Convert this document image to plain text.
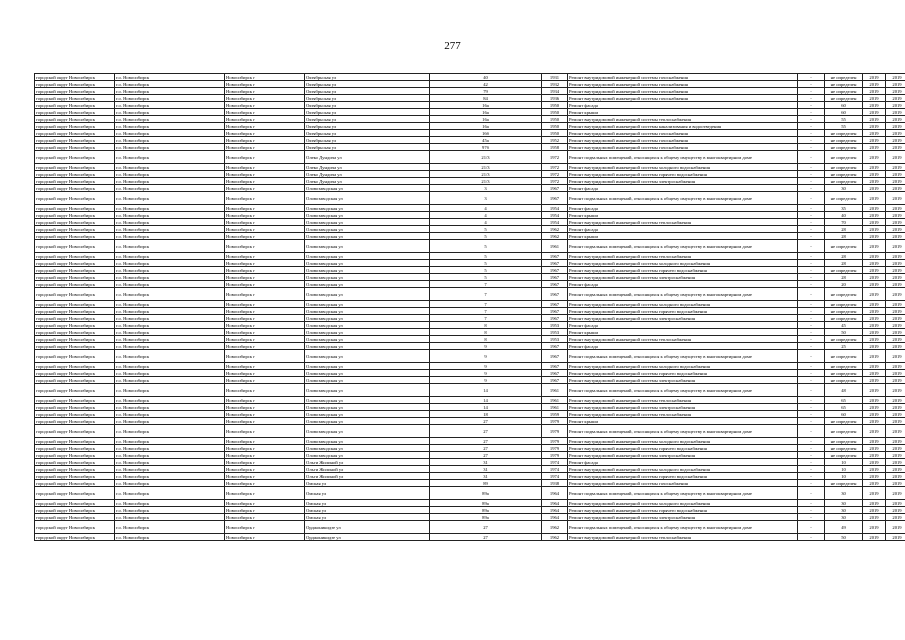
277
городской округ Новосибирск	г.о. Новосибирск	Новосибирск г	Октябрьская ул	40	1931	Ремонт внутридомовой инженерной системы газоснабжения	-	не определен	2019	2019
городской округ Новосибирск	г.о. Новосибирск	Новосибирск г	Октябрьская ул	42	1932	Ремонт внутридомовой инженерной системы газоснабжения	-	не определен	2019	2019
городской округ Новосибирск	г.о. Новосибирск	Новосибирск г	Октябрьская ул	79	1934	Ремонт внутридомовой инженерной системы газоснабжения	-	не определен	2019	2019
городской округ Новосибирск	г.о. Новосибирск	Новосибирск г	Октябрьская ул	84	1936	Ремонт внутридомовой инженерной системы газоснабжения	-	не определен	2019	2019
городской округ Новосибирск	г.о. Новосибирск	Новосибирск г	Октябрьская ул	16а	1950	Ремонт фасада	-	60	2019	2019
городской округ Новосибирск	г.о. Новосибирск	Новосибирск г	Октябрьская ул	16а	1950	Ремонт крыши	-	60	2019	2019
городской округ Новосибирск	г.о. Новосибирск	Новосибирск г	Октябрьская ул	16а	1950	Ремонт внутридомовой инженерной системы теплоснабжения	-	55	2019	2019
городской округ Новосибирск	г.о. Новосибирск	Новосибирск г	Октябрьская ул	16а	1950	Ремонт внутридомовой инженерной системы канализования и водоотведения	-	55	2019	2019
городской округ Новосибирск	г.о. Новосибирск	Новосибирск г	Октябрьская ул	16б	1950	Ремонт внутридомовой инженерной системы газоснабжения	-	не определен	2019	2019
городской округ Новосибирск	г.о. Новосибирск	Новосибирск г	Октябрьская ул	45а	1952	Ремонт внутридомовой инженерной системы газоснабжения	-	не определен	2019	2019
городской округ Новосибирск	г.о. Новосибирск	Новосибирск г	Октябрьская ул	97б	1958	Ремонт внутридомовой инженерной системы газоснабжения	-	не определен	2019	2019
городской округ Новосибирск	г.о. Новосибирск	Новосибирск г	Олеко Дундича ул	21/3	1972	Ремонт подвальных помещений, относящихся к общему имуществу в многоквартирном доме	-	не определен	2019	2019
городской округ Новосибирск	г.о. Новосибирск	Новосибирск г	Олеко Дундича ул	21/3	1972	Ремонт внутридомовой инженерной системы холодного водоснабжения	-	не определен	2019	2019
городской округ Новосибирск	г.о. Новосибирск	Новосибирск г	Олеко Дундича ул	21/3	1972	Ремонт внутридомовой инженерной системы горячего водоснабжения	-	не определен	2019	2019
городской округ Новосибирск	г.о. Новосибирск	Новосибирск г	Олеко Дундича ул	21/3	1972	Ремонт внутридомовой инженерной системы электроснабжения	-	не определен	2019	2019
городской округ Новосибирск	г.о. Новосибирск	Новосибирск г	Оловозаводская ул	3	1967	Ремонт фасада	-	30	2019	2019
городской округ Новосибирск	г.о. Новосибирск	Новосибирск г	Оловозаводская ул	3	1967	Ремонт подвальных помещений, относящихся к общему имуществу в многоквартирном доме	-	не определен	2019	2019
городской округ Новосибирск	г.о. Новосибирск	Новосибирск г	Оловозаводская ул	4	1954	Ремонт фасада	-	35	2019	2019
городской округ Новосибирск	г.о. Новосибирск	Новосибирск г	Оловозаводская ул	4	1954	Ремонт крыши	-	40	2019	2019
городской округ Новосибирск	г.о. Новосибирск	Новосибирск г	Оловозаводская ул	4	1954	Ремонт внутридомовой инженерной системы теплоснабжения	-	70	2019	2019
городской округ Новосибирск	г.о. Новосибирск	Новосибирск г	Оловозаводская ул	5	1962	Ремонт фасада	-	28	2019	2019
городской округ Новосибирск	г.о. Новосибирск	Новосибирск г	Оловозаводская ул	5	1962	Ремонт крыши	-	28	2019	2019
городской округ Новосибирск	г.о. Новосибирск	Новосибирск г	Оловозаводская ул	5	1961	Ремонт подвальных помещений, относящихся к общему имуществу в многоквартирном доме	-	не определен	2019	2019
городской округ Новосибирск	г.о. Новосибирск	Новосибирск г	Оловозаводская ул	5	1967	Ремонт внутридомовой инженерной системы теплоснабжения	-	28	2019	2019
городской округ Новосибирск	г.о. Новосибирск	Новосибирск г	Оловозаводская ул	5	1967	Ремонт внутридомовой инженерной системы холодного водоснабжения	-	28	2019	2019
городской округ Новосибирск	г.о. Новосибирск	Новосибирск г	Оловозаводская ул	5	1967	Ремонт внутридомовой инженерной системы горячего водоснабжения	-	не определен	2019	2019
городской округ Новосибирск	г.о. Новосибирск	Новосибирск г	Оловозаводская ул	5	1967	Ремонт внутридомовой инженерной системы электроснабжения	-	28	2019	2019
городской округ Новосибирск	г.о. Новосибирск	Новосибирск г	Оловозаводская ул	7	1967	Ремонт фасада	-	20	2019	2019
городской округ Новосибирск	г.о. Новосибирск	Новосибирск г	Оловозаводская ул	7	1967	Ремонт подвальных помещений, относящихся к общему имуществу в многоквартирном доме	-	не определен	2019	2019
городской округ Новосибирск	г.о. Новосибирск	Новосибирск г	Оловозаводская ул	7	1967	Ремонт внутридомовой инженерной системы холодного водоснабжения	-	не определен	2019	2019
городской округ Новосибирск	г.о. Новосибирск	Новосибирск г	Оловозаводская ул	7	1967	Ремонт внутридомовой инженерной системы горячего водоснабжения	-	не определен	2019	2019
городской округ Новосибирск	г.о. Новосибирск	Новосибирск г	Оловозаводская ул	7	1967	Ремонт внутридомовой инженерной системы электроснабжения	-	не определен	2019	2019
городской округ Новосибирск	г.о. Новосибирск	Новосибирск г	Оловозаводская ул	8	1953	Ремонт фасада	-	45	2019	2019
городской округ Новосибирск	г.о. Новосибирск	Новосибирск г	Оловозаводская ул	8	1953	Ремонт крыши	-	50	2019	2019
городской округ Новосибирск	г.о. Новосибирск	Новосибирск г	Оловозаводская ул	8	1953	Ремонт внутридомовой инженерной системы теплоснабжения	-	не определен	2019	2019
городской округ Новосибирск	г.о. Новосибирск	Новосибирск г	Оловозаводская ул	9	1967	Ремонт фасада	-	25	2019	2019
городской округ Новосибирск	г.о. Новосибирск	Новосибирск г	Оловозаводская ул	9	1967	Ремонт подвальных помещений, относящихся к общему имуществу в многоквартирном доме	-	не определен	2019	2019
городской округ Новосибирск	г.о. Новосибирск	Новосибирск г	Оловозаводская ул	9	1967	Ремонт внутридомовой инженерной системы холодного водоснабжения	-	не определен	2019	2019
городской округ Новосибирск	г.о. Новосибирск	Новосибирск г	Оловозаводская ул	9	1967	Ремонт внутридомовой инженерной системы горячего водоснабжения	-	не определен	2019	2019
городской округ Новосибирск	г.о. Новосибирск	Новосибирск г	Оловозаводская ул	9	1967	Ремонт внутридомовой инженерной системы электроснабжения	-	не определен	2019	2019
городской округ Новосибирск	г.о. Новосибирск	Новосибирск г	Оловозаводская ул	14	1961	Ремонт подвальных помещений, относящихся к общему имуществу в многоквартирном доме	-	48	2019	2019
городской округ Новосибирск	г.о. Новосибирск	Новосибирск г	Оловозаводская ул	14	1961	Ремонт внутридомовой инженерной системы теплоснабжения	-	65	2019	2019
городской округ Новосибирск	г.о. Новосибирск	Новосибирск г	Оловозаводская ул	14	1961	Ремонт внутридомовой инженерной системы электроснабжения	-	65	2019	2019
городской округ Новосибирск	г.о. Новосибирск	Новосибирск г	Оловозаводская ул	18	1959	Ремонт внутридомовой инженерной системы теплоснабжения	-	60	2019	2019
городской округ Новосибирск	г.о. Новосибирск	Новосибирск г	Оловозаводская ул	27	1979	Ремонт крыши	-	не определен	2019	2019
городской округ Новосибирск	г.о. Новосибирск	Новосибирск г	Оловозаводская ул	27	1979	Ремонт подвальных помещений, относящихся к общему имуществу в многоквартирном доме	-	не определен	2019	2019
городской округ Новосибирск	г.о. Новосибирск	Новосибирск г	Оловозаводская ул	27	1979	Ремонт внутридомовой инженерной системы холодного водоснабжения	-	не определен	2019	2019
городской округ Новосибирск	г.о. Новосибирск	Новосибирск г	Оловозаводская ул	27	1979	Ремонт внутридомовой инженерной системы горячего водоснабжения	-	не определен	2019	2019
городской округ Новосибирск	г.о. Новосибирск	Новосибирск г	Оловозаводская ул	27	1979	Ремонт внутридомовой инженерной системы электроснабжения	-	не определен	2019	2019
городской округ Новосибирск	г.о. Новосибирск	Новосибирск г	Ольги Жилиной ул	31	1974	Ремонт фасада	-	10	2019	2019
городской округ Новосибирск	г.о. Новосибирск	Новосибирск г	Ольги Жилиной ул	31	1974	Ремонт внутридомовой инженерной системы холодного водоснабжения	-	10	2019	2019
городской округ Новосибирск	г.о. Новосибирск	Новосибирск г	Ольги Жилиной ул	31	1974	Ремонт внутридомовой инженерной системы горячего водоснабжения	-	10	2019	2019
городской округ Новосибирск	г.о. Новосибирск	Новосибирск г	Омская ул	89	1938	Ремонт внутридомовой инженерной системы газоснабжения	-	не определен	2019	2019
городской округ Новосибирск	г.о. Новосибирск	Новосибирск г	Омская ул	89а	1964	Ремонт подвальных помещений, относящихся к общему имуществу в многоквартирном доме	-	30	2019	2019
городской округ Новосибирск	г.о. Новосибирск	Новосибирск г	Омская ул	89а	1964	Ремонт внутридомовой инженерной системы холодного водоснабжения	-	30	2019	2019
городской округ Новосибирск	г.о. Новосибирск	Новосибирск г	Омская ул	89а	1964	Ремонт внутридомовой инженерной системы горячего водоснабжения	-	30	2019	2019
городской округ Новосибирск	г.о. Новосибирск	Новосибирск г	Омская ул	89а	1964	Ремонт внутридомовой инженерной системы электроснабжения	-	30	2019	2019
городской округ Новосибирск	г.о. Новосибирск	Новосибирск г	Орджоникидзе ул	27	1962	Ремонт подвальных помещений, относящихся к общему имуществу в многоквартирном доме	-	49	2019	2019
городской округ Новосибирск	г.о. Новосибирск	Новосибирск г	Орджоникидзе ул	27	1962	Ремонт внутридомовой инженерной системы теплоснабжения	-	50	2019	2019
